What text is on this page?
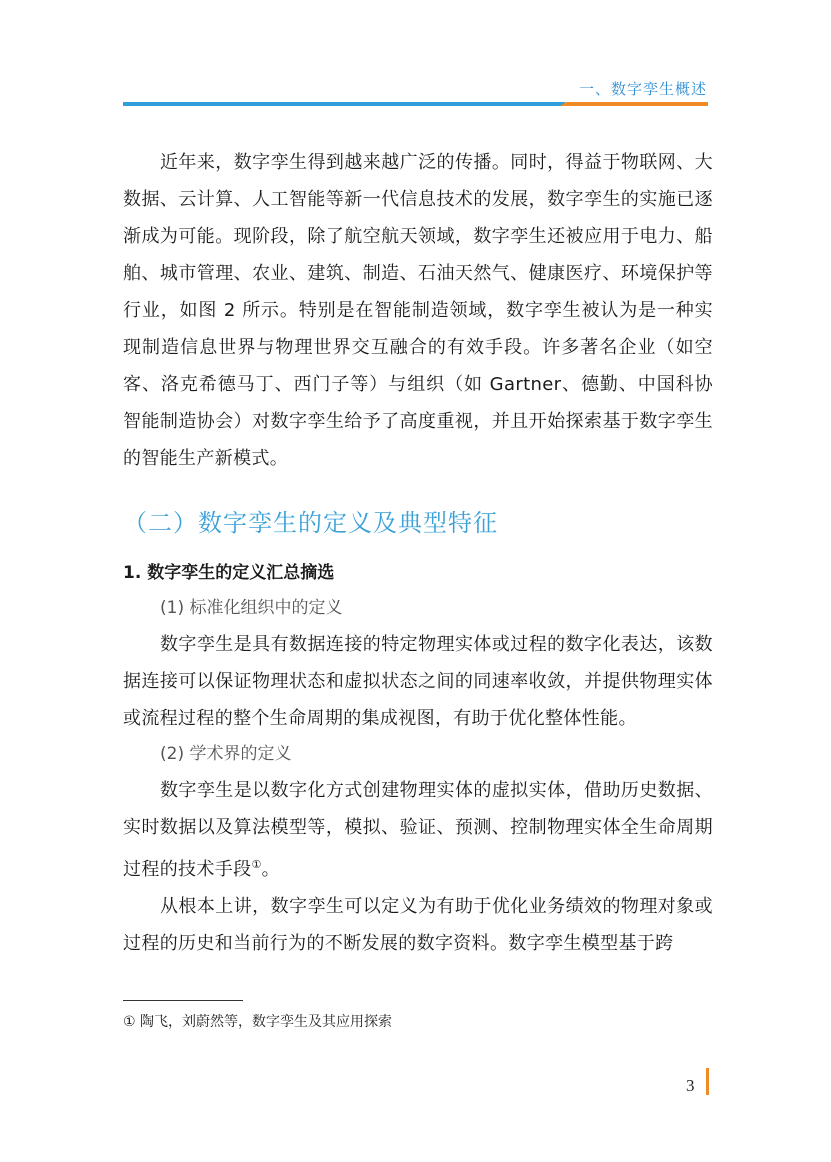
一、数字孪生概述

近年来，数字孪生得到越来越广泛的传播。同时，得益于物联网、大数据、云计算、人工智能等新一代信息技术的发展，数字孪生的实施已逐渐成为可能。现阶段，除了航空航天领域，数字孪生还被应用于电力、船舶、城市管理、农业、建筑、制造、石油天然气、健康医疗、环境保护等行业，如图 2 所示。特别是在智能制造领域，数字孪生被认为是一种实现制造信息世界与物理世界交互融合的有效手段。许多著名企业（如空客、洛克希德马丁、西门子等）与组织（如 Gartner、德勤、中国科协智能制造协会）对数字孪生给予了高度重视，并且开始探索基于数字孪生的智能生产新模式。

（二）数字孪生的定义及典型特征
1. 数字孪生的定义汇总摘选
(1) 标准化组织中的定义

数字孪生是具有数据连接的特定物理实体或过程的数字化表达，该数据连接可以保证物理状态和虚拟状态之间的同速率收敛，并提供物理实体或流程过程的整个生命周期的集成视图，有助于优化整体性能。

(2) 学术界的定义

数字孪生是以数字化方式创建物理实体的虚拟实体，借助历史数据、实时数据以及算法模型等，模拟、验证、预测、控制物理实体全生命周期过程的技术手段①。

从根本上讲，数字孪生可以定义为有助于优化业务绩效的物理对象或过程的历史和当前行为的不断发展的数字资料。数字孪生模型基于跨

① 陶飞，刘蔚然等，数字孪生及其应用探索
3
